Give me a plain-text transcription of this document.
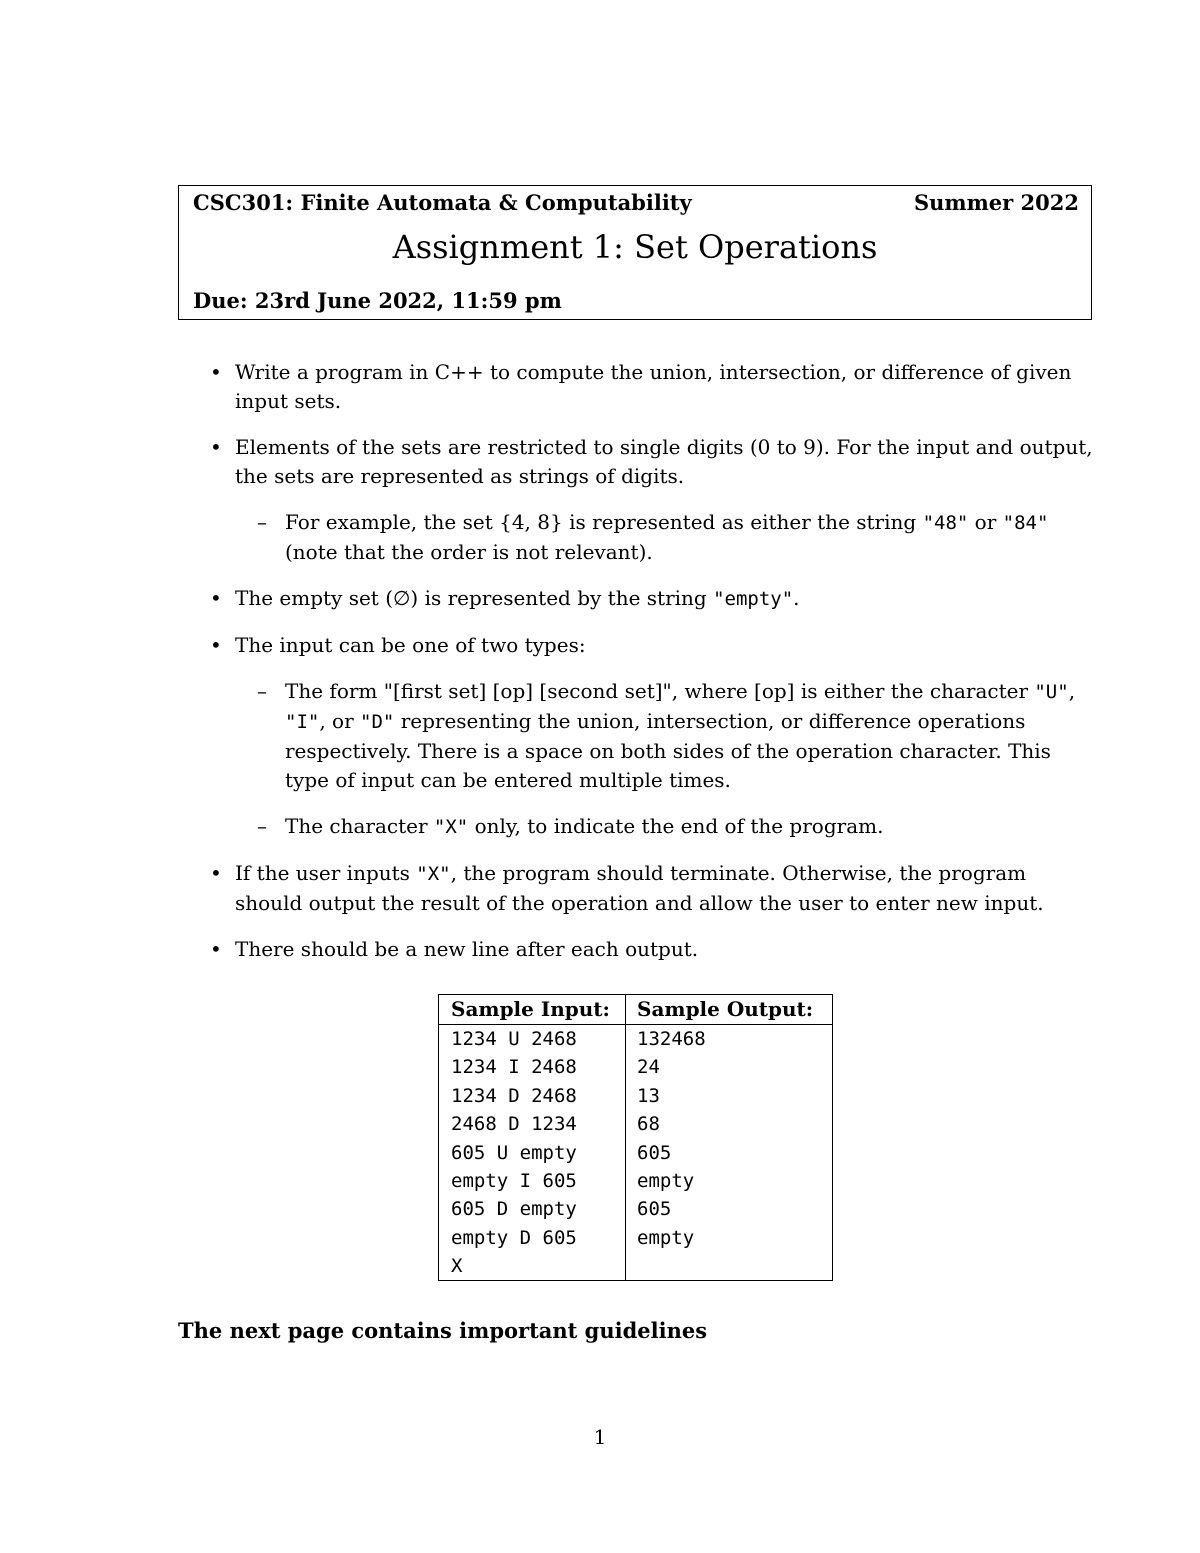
CSC301: Finite Automata & Computability	Summer 2022
Assignment 1: Set Operations
Due: 23rd June 2022, 11:59 pm
• Write a program in C++ to compute the union, intersection, or difference of given input sets.
• Elements of the sets are restricted to single digits (0 to 9). For the input and output, the sets are represented as strings of digits.
– For example, the set {4, 8} is represented as either the string "48" or "84" (note that the order is not relevant).
• The empty set (∅) is represented by the string "empty".
• The input can be one of two types:
– The form "[first set] [op] [second set]", where [op] is either the character "U", "I", or "D" representing the union, intersection, or difference operations respectively. There is a space on both sides of the operation character. This type of input can be entered multiple times.
– The character "X" only, to indicate the end of the program.
• If the user inputs "X", the program should terminate. Otherwise, the program should output the result of the operation and allow the user to enter new input.
• There should be a new line after each output.
Sample Input: Sample Output:
1234 U 2468
1234 I 2468
1234 D 2468
2468 D 1234
605 U empty
empty I 605
605 D empty
empty D 605
X
132468
24
13
68
605
empty
605
empty
The next page contains important guidelines
1
